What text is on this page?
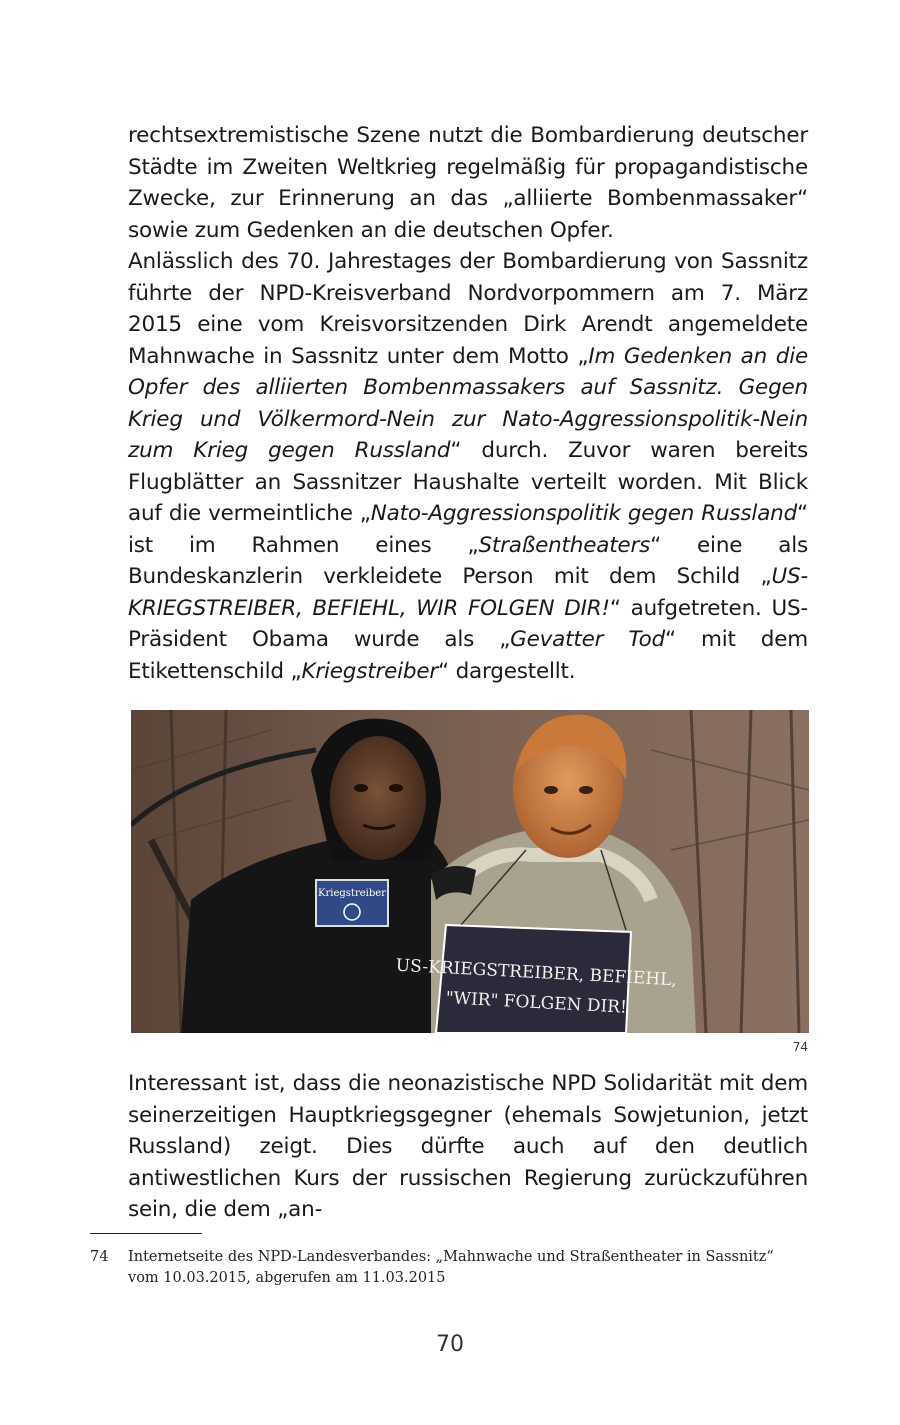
rechtsextremistische Szene nutzt die Bombardierung deutscher Städte im Zweiten Weltkrieg regelmäßig für propagandistische Zwecke, zur Erinnerung an das „alliierte Bombenmassaker“ sowie zum Gedenken an die deutschen Opfer.

Anlässlich des 70. Jahrestages der Bombardierung von Sassnitz führte der NPD-Kreisverband Nordvorpommern am 7. März 2015 eine vom Kreisvorsitzenden Dirk Arendt angemeldete Mahnwache in Sassnitz unter dem Motto „Im Gedenken an die Opfer des alliierten Bombenmassakers auf Sassnitz. Gegen Krieg und Völkermord-Nein zur Nato-Aggressionspolitik-Nein zum Krieg gegen Russland“ durch. Zuvor waren bereits Flugblätter an Sassnitzer Haushalte verteilt worden. Mit Blick auf die vermeintliche „Nato-Aggressionspolitik gegen Russland“ ist im Rahmen eines „Straßentheaters“ eine als Bundeskanzlerin verkleidete Person mit dem Schild „US-KRIEGSTREIBER, BEFIEHL, WIR FOLGEN DIR!“ aufgetreten. US-Präsident Obama wurde als „Gevatter Tod“ mit dem Etikettenschild „Kriegstreiber“ dargestellt.

Kriegstreiber
US-KRIEGSTREIBER, BEFIEHL,
"WIR" FOLGEN DIR!
74

Interessant ist, dass die neonazistische NPD Solidarität mit dem seinerzeitigen Hauptkriegsgegner (ehemals Sowjetunion, jetzt Russland) zeigt. Dies dürfte auch auf den deutlich antiwestlichen Kurs der russischen Regierung zurückzuführen sein, die dem „an-

74 Internetseite des NPD-Landesverbandes: „Mahnwache und Straßentheater in Sassnitz“ vom 10.03.2015, abgerufen am 11.03.2015
70
